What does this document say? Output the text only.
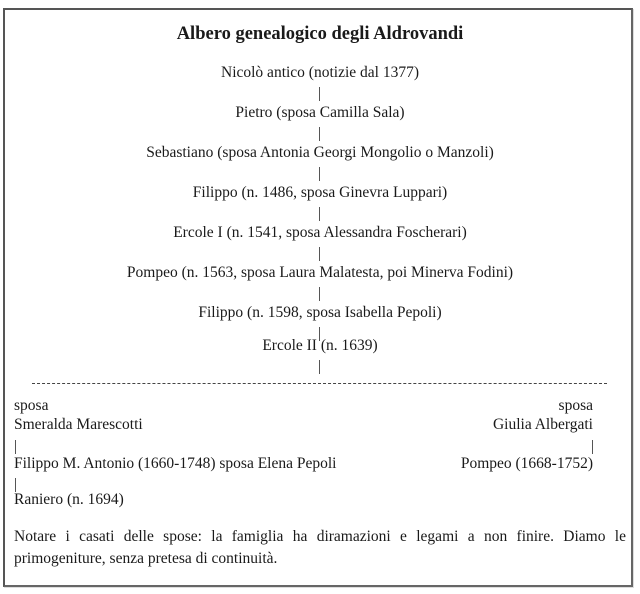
Albero genealogico degli Aldrovandi
Nicolò antico (notizie dal 1377)
Pietro (sposa Camilla Sala)
Sebastiano (sposa Antonia Georgi Mongolio o Manzoli)
Filippo (n. 1486, sposa Ginevra Luppari)
Ercole I (n. 1541, sposa Alessandra Foscherari)
Pompeo (n. 1563, sposa Laura Malatesta, poi Minerva Fodini)
Filippo (n. 1598, sposa Isabella Pepoli)
Ercole II (n. 1639)
sposa
Smeralda Marescotti
Filippo M. Antonio (1660-1748) sposa Elena Pepoli
Raniero (n. 1694)
sposa
Giulia Albergati
Pompeo (1668-1752)
Notare i casati delle spose: la famiglia ha diramazioni e legami a non finire. Diamo le primogeniture, senza pretesa di continuità.
